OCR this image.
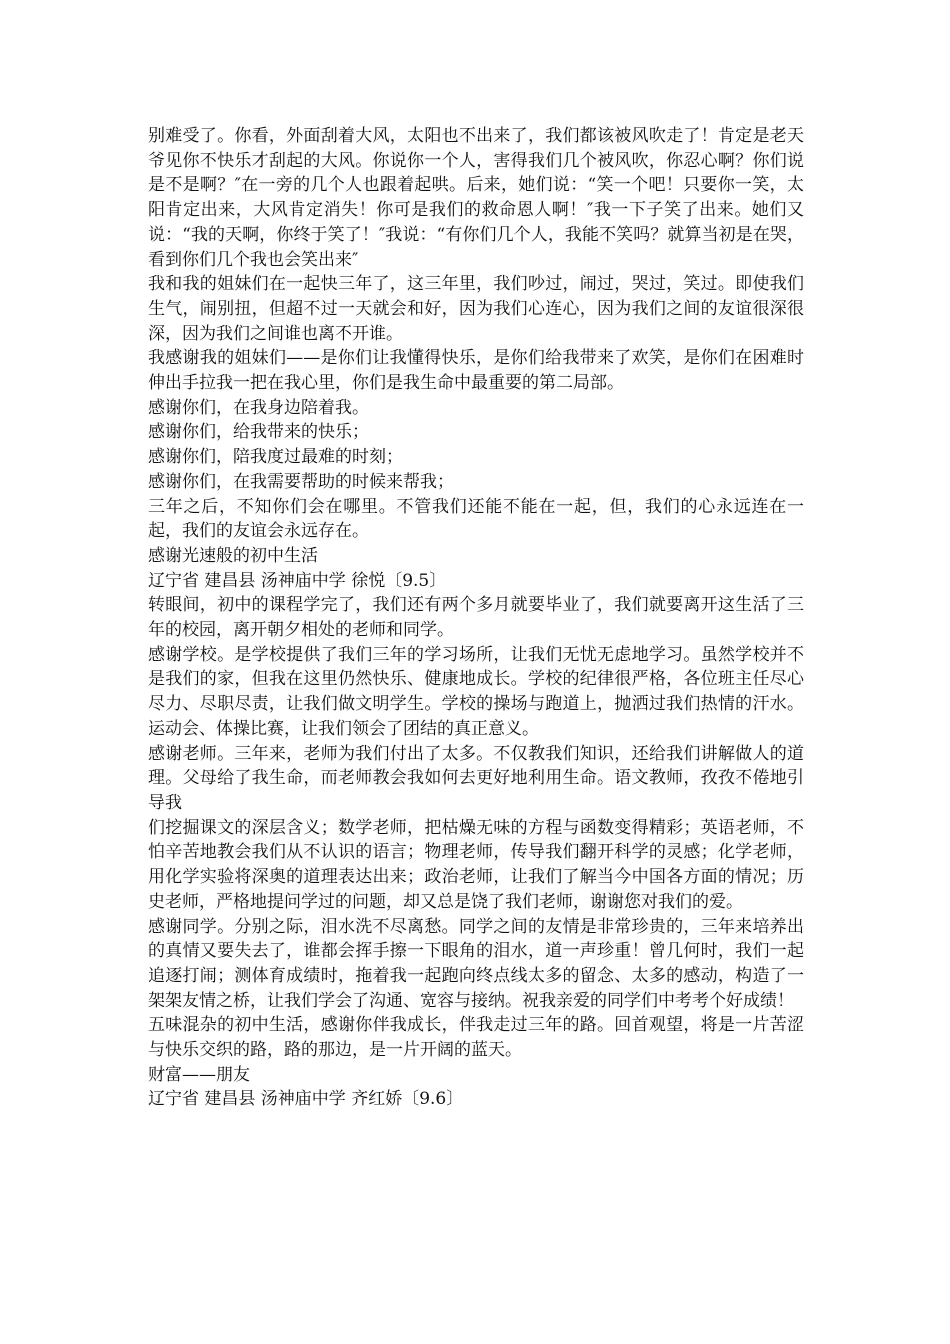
别难受了。你看，外面刮着大风，太阳也不出来了，我们都该被风吹走了！肯定是老天爷见你不快乐才刮起的大风。你说你一个人，害得我们几个被风吹，你忍心啊？你们说是不是啊？″在一旁的几个人也跟着起哄。后来，她们说：“笑一个吧！只要你一笑，太阳肯定出来，大风肯定消失！你可是我们的救命恩人啊！″我一下子笑了出来。她们又说：“我的天啊，你终于笑了！″我说：“有你们几个人，我能不笑吗？就算当初是在哭，看到你们几个我也会笑出来″

我和我的姐妹们在一起快三年了，这三年里，我们吵过，闹过，哭过，笑过。即使我们生气，闹别扭，但超不过一天就会和好，因为我们心连心，因为我们之间的友谊很深很深，因为我们之间谁也离不开谁。

我感谢我的姐妹们——是你们让我懂得快乐，是你们给我带来了欢笑，是你们在困难时伸出手拉我一把在我心里，你们是我生命中最重要的第二局部。

感谢你们，在我身边陪着我。

感谢你们，给我带来的快乐；

感谢你们，陪我度过最难的时刻；

感谢你们，在我需要帮助的时候来帮我；

三年之后，不知你们会在哪里。不管我们还能不能在一起，但，我们的心永远连在一起，我们的友谊会永远存在。

感谢光速般的初中生活

辽宁省 建昌县 汤神庙中学 徐悦〔9.5〕

转眼间，初中的课程学完了，我们还有两个多月就要毕业了，我们就要离开这生活了三年的校园，离开朝夕相处的老师和同学。

感谢学校。是学校提供了我们三年的学习场所，让我们无忧无虑地学习。虽然学校并不是我们的家，但我在这里仍然快乐、健康地成长。学校的纪律很严格，各位班主任尽心尽力、尽职尽责，让我们做文明学生。学校的操场与跑道上，抛洒过我们热情的汗水。运动会、体操比赛，让我们领会了团结的真正意义。

感谢老师。三年来，老师为我们付出了太多。不仅教我们知识，还给我们讲解做人的道理。父母给了我生命，而老师教会我如何去更好地利用生命。语文教师，孜孜不倦地引导我

们挖掘课文的深层含义；数学老师，把枯燥无味的方程与函数变得精彩；英语老师，不怕辛苦地教会我们从不认识的语言；物理老师，传导我们翻开科学的灵感；化学老师，用化学实验将深奥的道理表达出来；政治老师，让我们了解当今中国各方面的情况；历史老师，严格地提问学过的问题，却又总是饶了我们老师，谢谢您对我们的爱。

感谢同学。分别之际，泪水洗不尽离愁。同学之间的友情是非常珍贵的，三年来培养出的真情又要失去了，谁都会挥手擦一下眼角的泪水，道一声珍重！曾几何时，我们一起追逐打闹；测体育成绩时，拖着我一起跑向终点线太多的留念、太多的感动，构造了一架架友情之桥，让我们学会了沟通、宽容与接纳。祝我亲爱的同学们中考考个好成绩！

五味混杂的初中生活，感谢你伴我成长，伴我走过三年的路。回首观望，将是一片苦涩与快乐交织的路，路的那边，是一片开阔的蓝天。

财富——朋友

辽宁省 建昌县 汤神庙中学 齐红娇〔9.6〕
